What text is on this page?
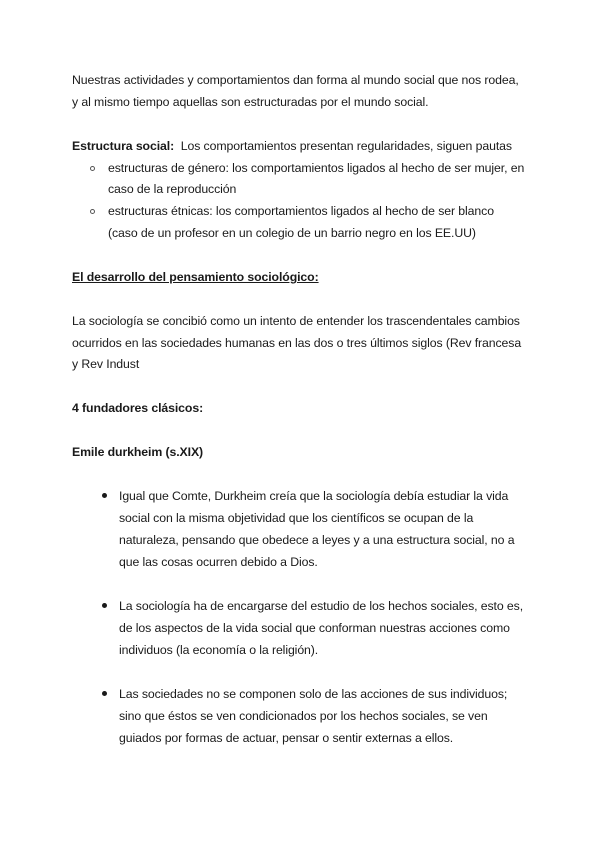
Nuestras actividades y comportamientos dan forma al mundo social que nos rodea,
y al mismo tiempo aquellas son estructuradas por el mundo social.
Estructura social: Los comportamientos presentan regularidades, siguen pautas
estructuras de género: los comportamientos ligados al hecho de ser mujer, en
caso de la reproducción
estructuras étnicas: los comportamientos ligados al hecho de ser blanco
(caso de un profesor en un colegio de un barrio negro en los EE.UU)
El desarrollo del pensamiento sociológico:
La sociología se concibió como un intento de entender los trascendentales cambios
ocurridos en las sociedades humanas en las dos o tres últimos siglos (Rev francesa
y Rev Indust
4 fundadores clásicos:
Emile durkheim (s.XIX)
Igual que Comte, Durkheim creía que la sociología debía estudiar la vida
social con la misma objetividad que los científicos se ocupan de la
naturaleza, pensando que obedece a leyes y a una estructura social, no a
que las cosas ocurren debido a Dios.
La sociología ha de encargarse del estudio de los hechos sociales, esto es,
de los aspectos de la vida social que conforman nuestras acciones como
individuos (la economía o la religión).
Las sociedades no se componen solo de las acciones de sus individuos;
sino que éstos se ven condicionados por los hechos sociales, se ven
guiados por formas de actuar, pensar o sentir externas a ellos.
